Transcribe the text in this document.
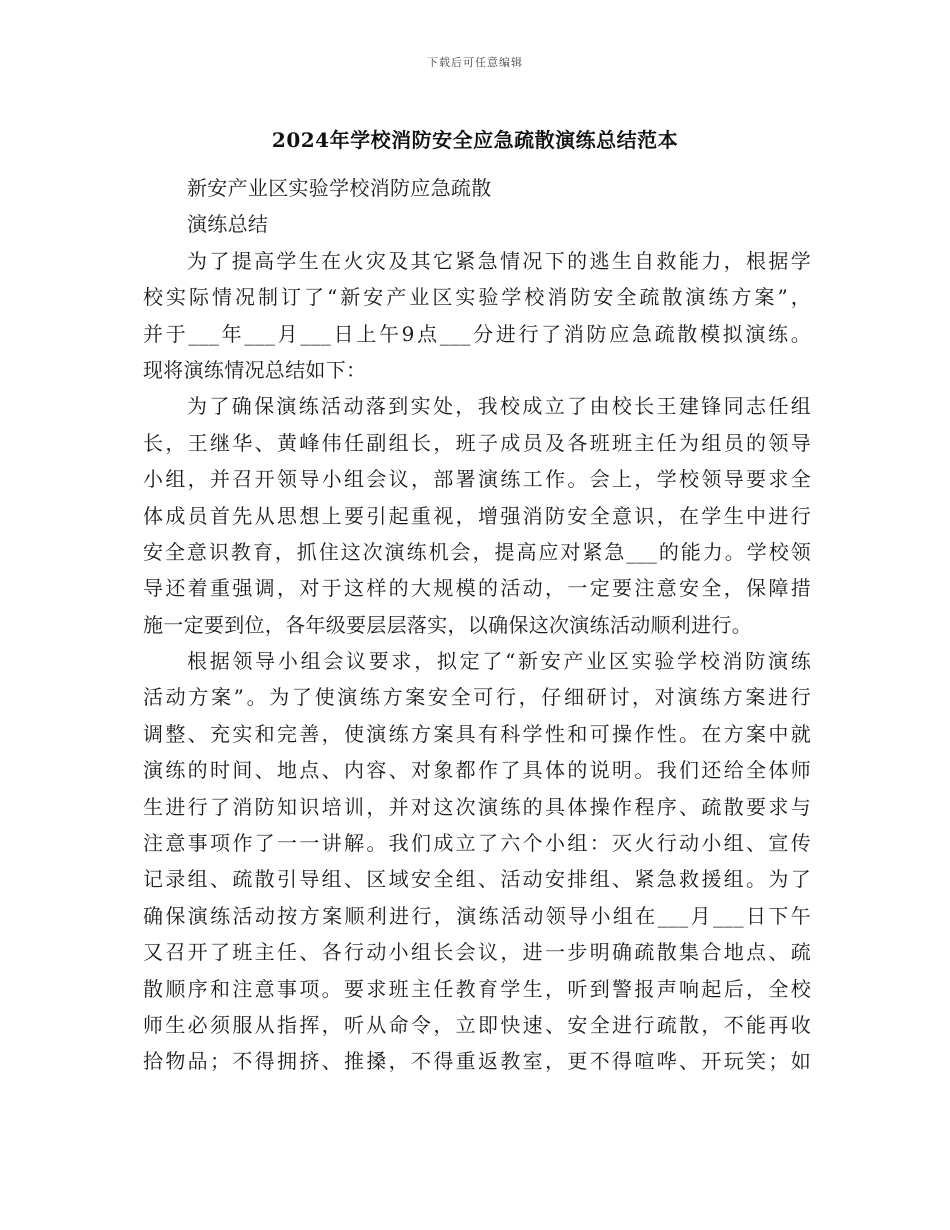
下载后可任意编辑
2024年学校消防安全应急疏散演练总结范本
新安产业区实验学校消防应急疏散
演练总结
为了提高学生在火灾及其它紧急情况下的逃生自救能力，根据学
校实际情况制订了“新安产业区实验学校消防安全疏散演练方案”，
并于___年___月___日上午9点___分进行了消防应急疏散模拟演练。
现将演练情况总结如下：
为了确保演练活动落到实处，我校成立了由校长王建锋同志任组
长，王继华、黄峰伟任副组长，班子成员及各班班主任为组员的领导
小组，并召开领导小组会议，部署演练工作。会上，学校领导要求全
体成员首先从思想上要引起重视，增强消防安全意识，在学生中进行
安全意识教育，抓住这次演练机会，提高应对紧急___的能力。学校领
导还着重强调，对于这样的大规模的活动，一定要注意安全，保障措
施一定要到位，各年级要层层落实，以确保这次演练活动顺利进行。
根据领导小组会议要求，拟定了“新安产业区实验学校消防演练
活动方案”。为了使演练方案安全可行，仔细研讨，对演练方案进行
调整、充实和完善，使演练方案具有科学性和可操作性。在方案中就
演练的时间、地点、内容、对象都作了具体的说明。我们还给全体师
生进行了消防知识培训，并对这次演练的具体操作程序、疏散要求与
注意事项作了一一讲解。我们成立了六个小组：灭火行动小组、宣传
记录组、疏散引导组、区域安全组、活动安排组、紧急救援组。为了
确保演练活动按方案顺利进行，演练活动领导小组在___月___日下午
又召开了班主任、各行动小组长会议，进一步明确疏散集合地点、疏
散顺序和注意事项。要求班主任教育学生，听到警报声响起后，全校
师生必须服从指挥，听从命令，立即快速、安全进行疏散，不能再收
拾物品；不得拥挤、推搡，不得重返教室，更不得喧哗、开玩笑；如
